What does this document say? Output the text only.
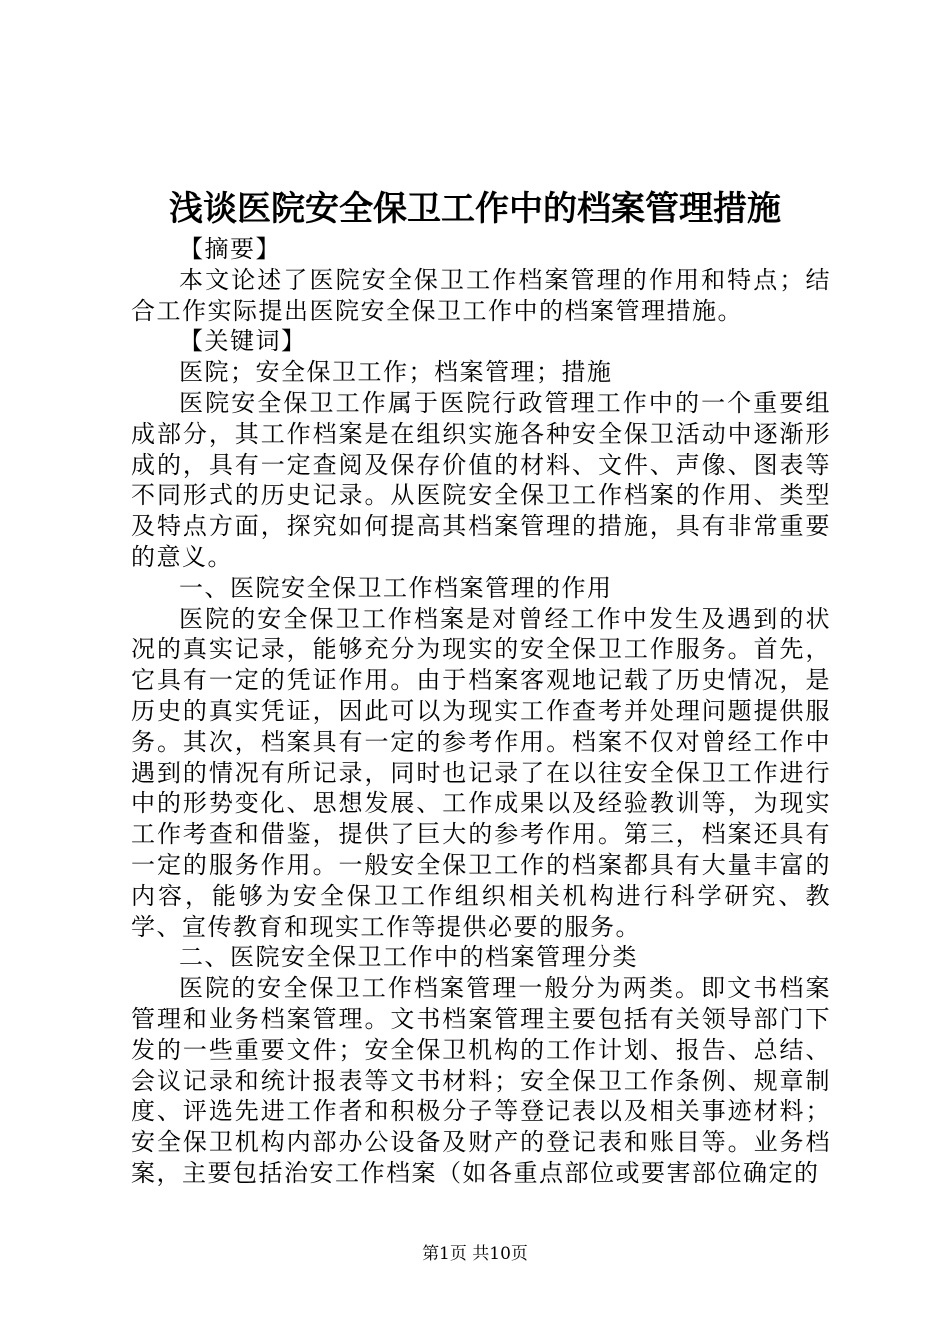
浅谈医院安全保卫工作中的档案管理措施

【摘要】

本文论述了医院安全保卫工作档案管理的作用和特点；结合工作实际提出医院安全保卫工作中的档案管理措施。

【关键词】

医院；安全保卫工作；档案管理；措施

医院安全保卫工作属于医院行政管理工作中的一个重要组成部分，其工作档案是在组织实施各种安全保卫活动中逐渐形成的，具有一定查阅及保存价值的材料、文件、声像、图表等不同形式的历史记录。从医院安全保卫工作档案的作用、类型及特点方面，探究如何提高其档案管理的措施，具有非常重要的意义。

一、医院安全保卫工作档案管理的作用

医院的安全保卫工作档案是对曾经工作中发生及遇到的状况的真实记录，能够充分为现实的安全保卫工作服务。首先，它具有一定的凭证作用。由于档案客观地记载了历史情况，是历史的真实凭证，因此可以为现实工作查考并处理问题提供服务。其次，档案具有一定的参考作用。档案不仅对曾经工作中遇到的情况有所记录，同时也记录了在以往安全保卫工作进行中的形势变化、思想发展、工作成果以及经验教训等，为现实工作考查和借鉴，提供了巨大的参考作用。第三，档案还具有一定的服务作用。一般安全保卫工作的档案都具有大量丰富的内容，能够为安全保卫工作组织相关机构进行科学研究、教学、宣传教育和现实工作等提供必要的服务。

二、医院安全保卫工作中的档案管理分类

医院的安全保卫工作档案管理一般分为两类。即文书档案管理和业务档案管理。文书档案管理主要包括有关领导部门下发的一些重要文件；安全保卫机构的工作计划、报告、总结、会议记录和统计报表等文书材料；安全保卫工作条例、规章制度、评选先进工作者和积极分子等登记表以及相关事迹材料；安全保卫机构内部办公设备及财产的登记表和账目等。业务档案，主要包括治安工作档案（如各重点部位或要害部位确定的

第1页 共10页
